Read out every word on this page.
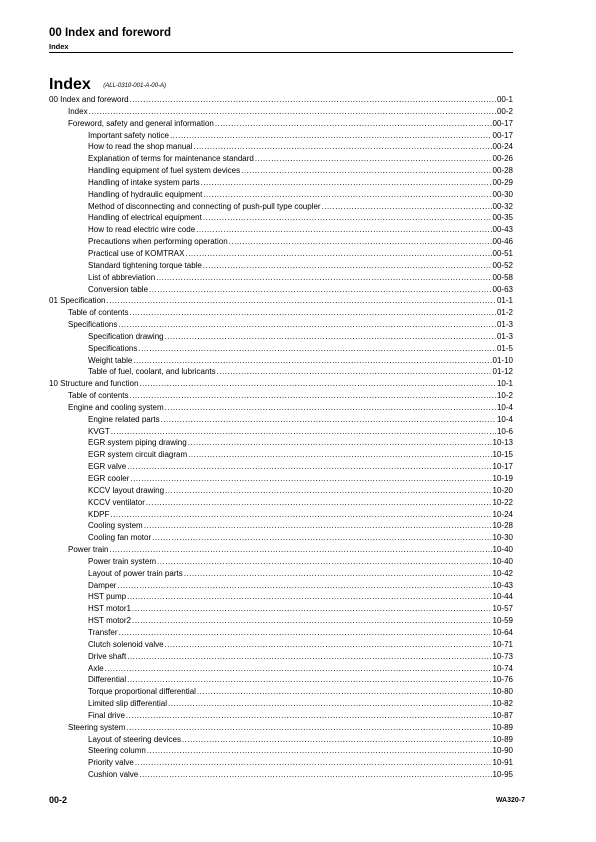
00 Index and foreword
Index
Index (ALL-0310-001-A-00-A)
00 Index and foreword .....	00-1
Index .....	00-2
Foreword, safety and general information .....	00-17
Important safety notice .....	00-17
How to read the shop manual .....	00-24
Explanation of terms for maintenance standard .....	00-26
Handling equipment of fuel system devices .....	00-28
Handling of intake system parts .....	00-29
Handling of hydraulic equipment .....	00-30
Method of disconnecting and connecting of push-pull type coupler .....	00-32
Handling of electrical equipment .....	00-35
How to read electric wire code .....	00-43
Precautions when performing operation .....	00-46
Practical use of KOMTRAX .....	00-51
Standard tightening torque table .....	00-52
List of abbreviation .....	00-58
Conversion table .....	00-63
01 Specification .....	01-1
Table of contents .....	01-2
Specifications .....	01-3
Specification drawing .....	01-3
Specifications .....	01-5
Weight table .....	01-10
Table of fuel, coolant, and lubricants .....	01-12
10 Structure and function .....	10-1
Table of contents .....	10-2
Engine and cooling system .....	10-4
Engine related parts .....	10-4
KVGT .....	10-6
EGR system piping drawing .....	10-13
EGR system circuit diagram .....	10-15
EGR valve .....	10-17
EGR cooler .....	10-19
KCCV layout drawing .....	10-20
KCCV ventilator .....	10-22
KDPF .....	10-24
Cooling system .....	10-28
Cooling fan motor .....	10-30
Power train .....	10-40
Power train system .....	10-40
Layout of power train parts .....	10-42
Damper .....	10-43
HST pump .....	10-44
HST motor1 .....	10-57
HST motor2 .....	10-59
Transfer .....	10-64
Clutch solenoid valve .....	10-71
Drive shaft .....	10-73
Axle .....	10-74
Differential .....	10-76
Torque proportional differential .....	10-80
Limited slip differential .....	10-82
Final drive .....	10-87
Steering system .....	10-89
Layout of steering devices .....	10-89
Steering column .....	10-90
Priority valve .....	10-91
Cushion valve .....	10-95
00-2	WA320-7
